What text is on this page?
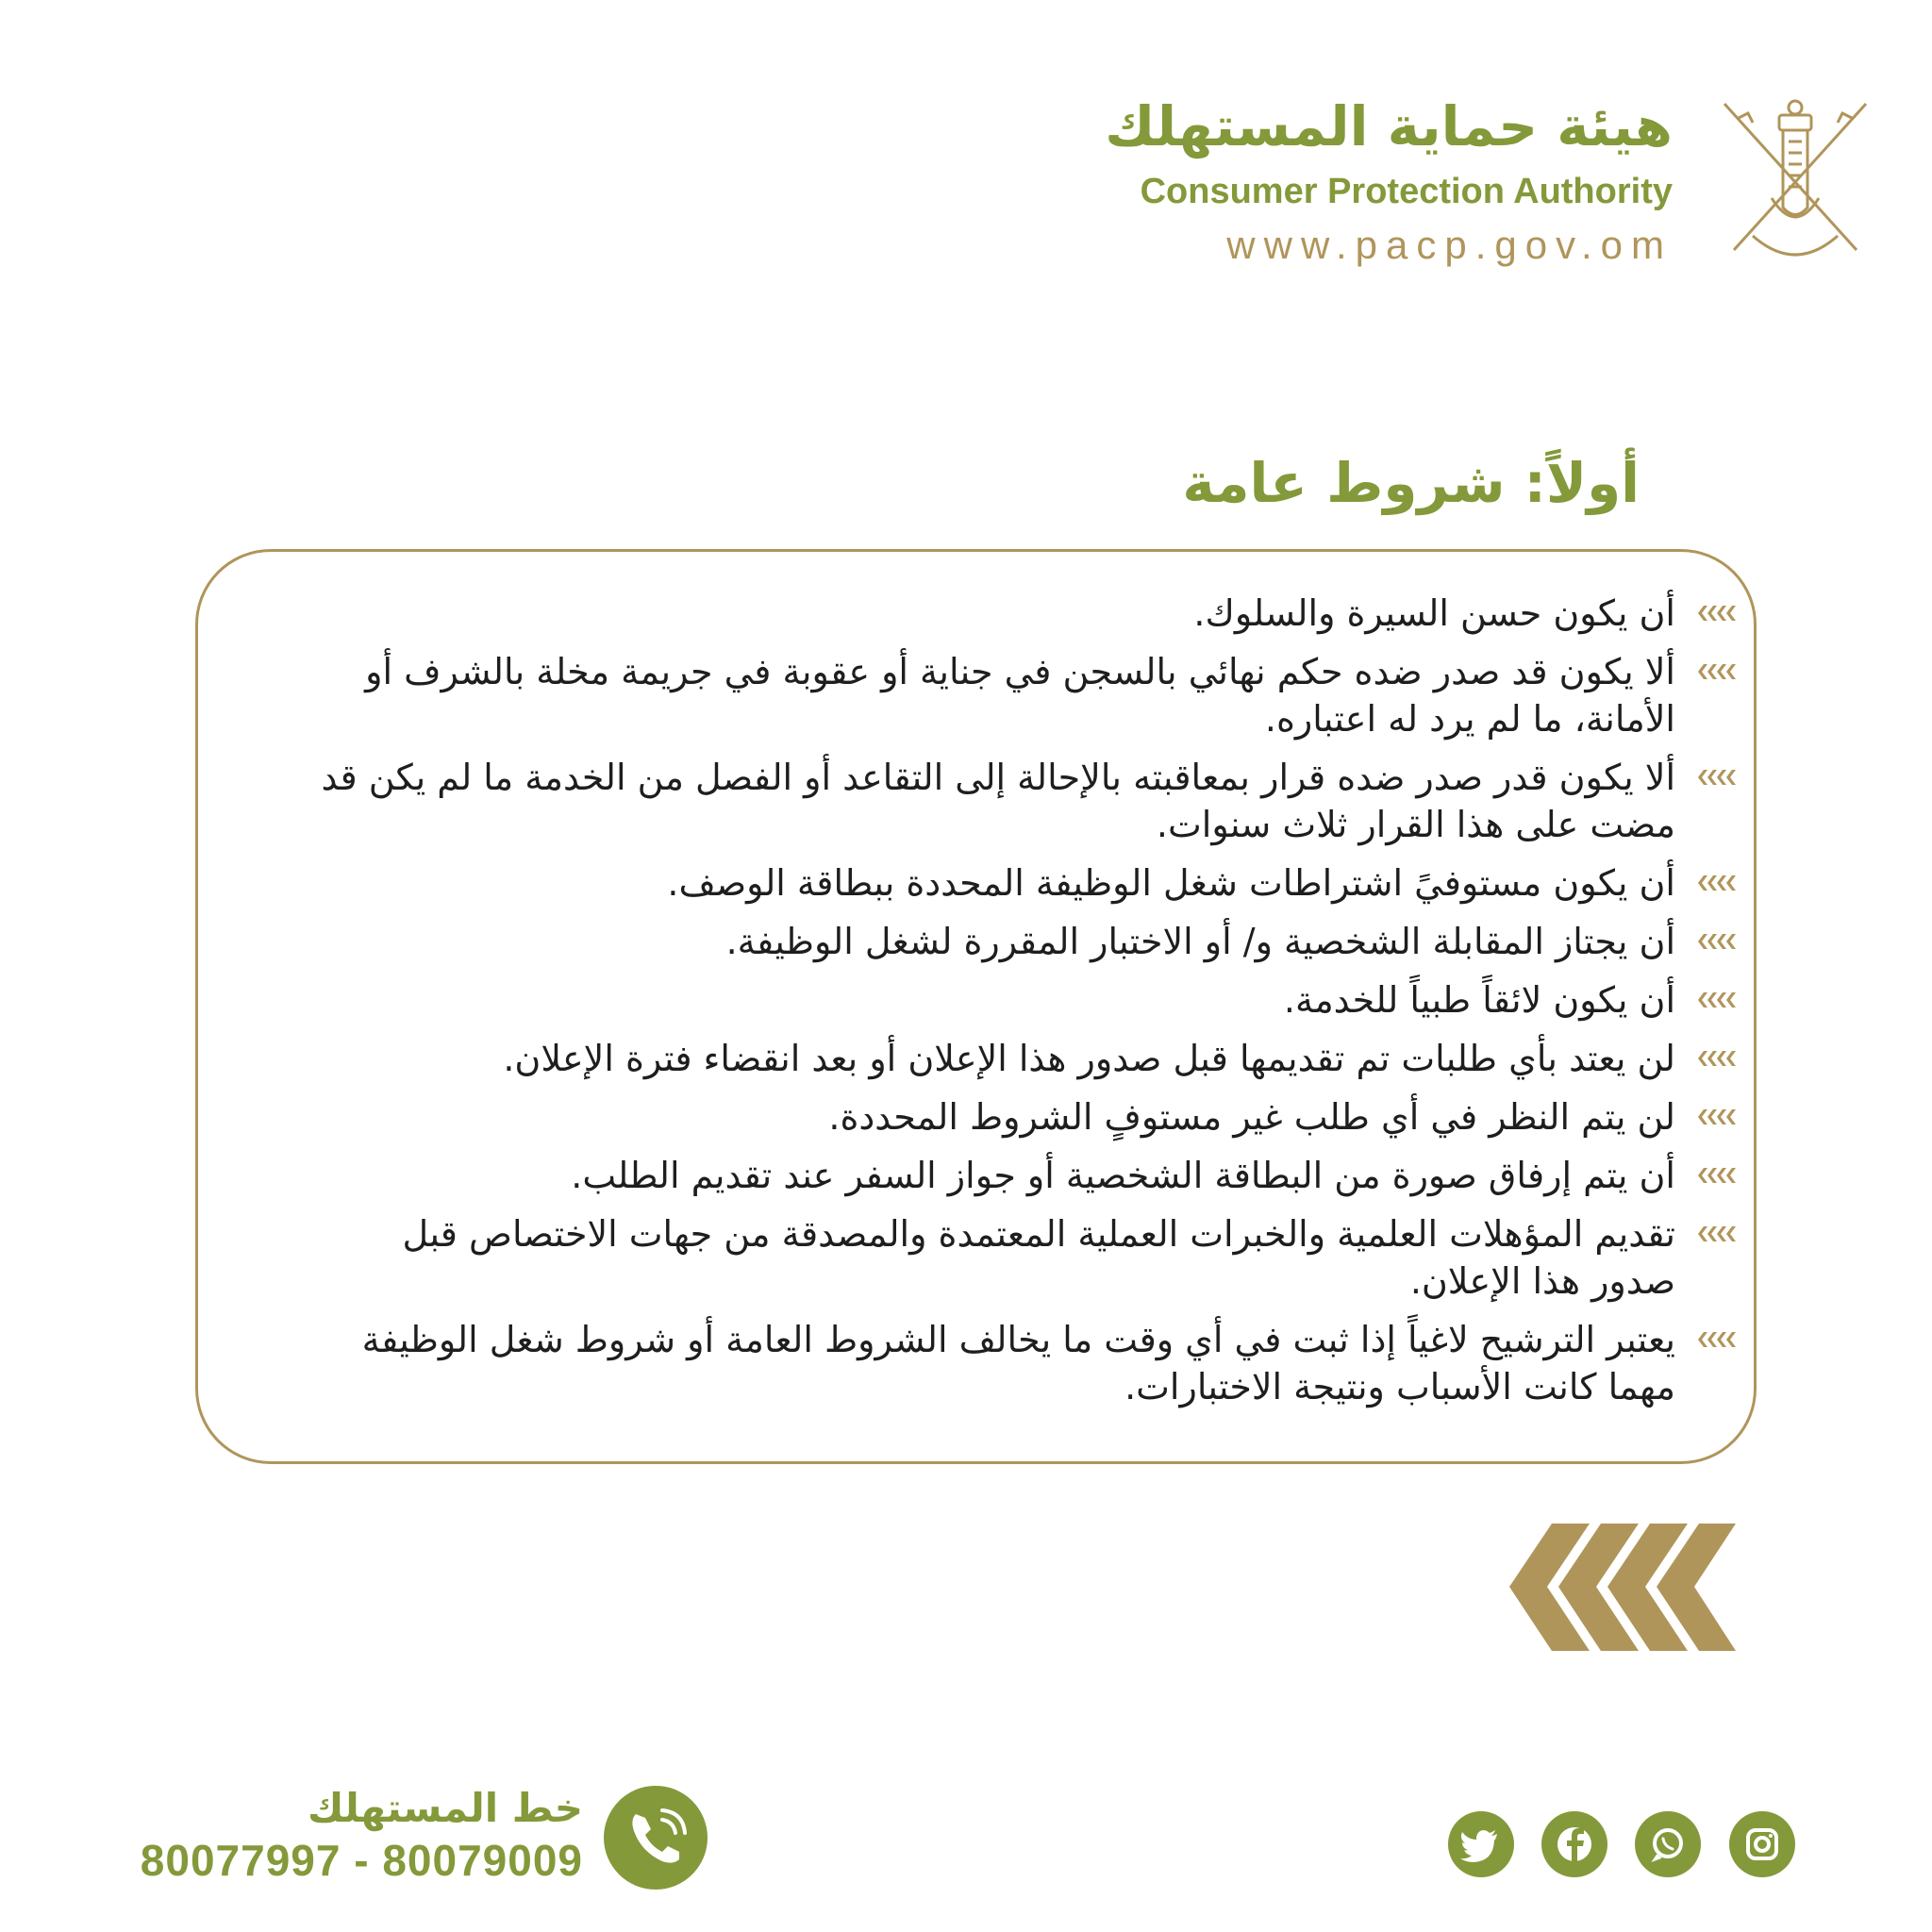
هيئة حماية المستهلك
Consumer Protection Authority
www.pacp.gov.om
أولاً: شروط عامة
أن يكون حسن السيرة والسلوك.
ألا يكون قد صدر ضده حكم نهائي بالسجن في جناية أو عقوبة في جريمة مخلة بالشرف أو الأمانة، ما لم يرد له اعتباره.
ألا يكون قدر صدر ضده قرار بمعاقبته بالإحالة إلى التقاعد أو الفصل من الخدمة ما لم يكن قد مضت على هذا القرار ثلاث سنوات.
أن يكون مستوفيً اشتراطات شغل الوظيفة المحددة ببطاقة الوصف.
أن يجتاز المقابلة الشخصية و/ أو الاختبار المقررة لشغل الوظيفة.
أن يكون لائقاً طبياً للخدمة.
لن يعتد بأي طلبات تم تقديمها قبل صدور هذا الإعلان أو بعد انقضاء فترة الإعلان.
لن يتم النظر في أي طلب غير مستوفٍ الشروط المحددة.
أن يتم إرفاق صورة من البطاقة الشخصية أو جواز السفر عند تقديم الطلب.
تقديم المؤهلات العلمية والخبرات العملية المعتمدة والمصدقة من جهات الاختصاص قبل صدور هذا الإعلان.
يعتبر الترشيح لاغياً إذا ثبت في أي وقت ما يخالف الشروط العامة أو شروط شغل الوظيفة مهما كانت الأسباب ونتيجة الاختبارات.
خط المستهلك
80077997 - 80079009
